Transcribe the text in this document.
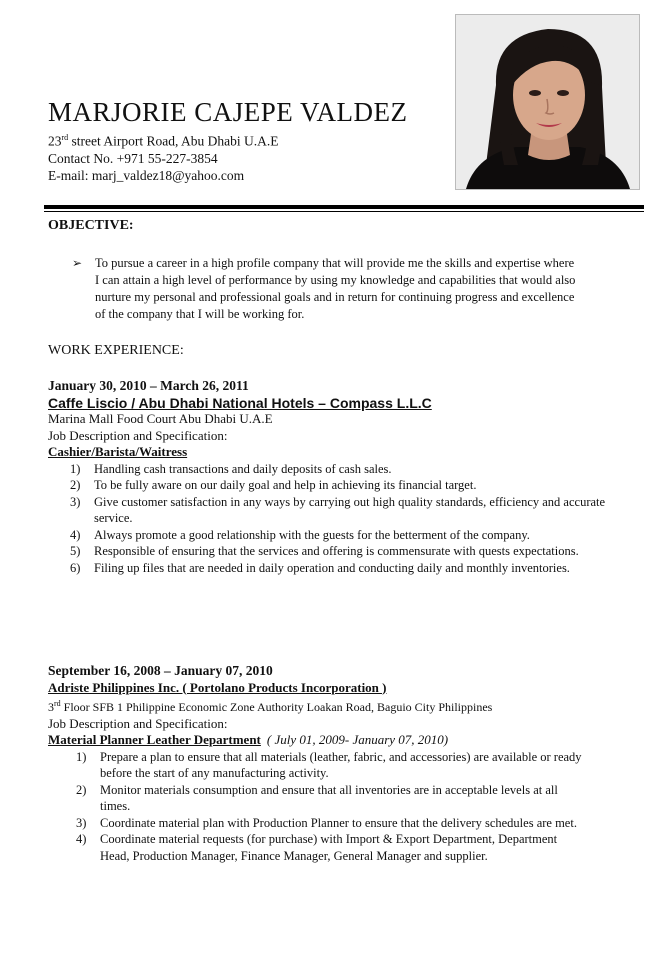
MARJORIE CAJEPE VALDEZ
23rd street Airport Road, Abu Dhabi U.A.E
Contact No. +971 55-227-3854
E-mail: marj_valdez18@yahoo.com
OBJECTIVE:
➢ To pursue a career in a high profile company that will provide me the skills and expertise where I can attain a high level of performance by using my knowledge and capabilities that would also nurture my personal and professional goals and in return for continuing progress and excellence of the company that I will be working for.
WORK EXPERIENCE:
January 30, 2010 – March 26, 2011
Caffe Liscio / Abu Dhabi National Hotels – Compass L.L.C
Marina Mall Food Court Abu Dhabi U.A.E
Job Description and Specification:
Cashier/Barista/Waitress
1) Handling cash transactions and daily deposits of cash sales.
2) To be fully aware on our daily goal and help in achieving its financial target.
3) Give customer satisfaction in any ways by carrying out high quality standards, efficiency and accurate service.
4) Always promote a good relationship with the guests for the betterment of the company.
5) Responsible of ensuring that the services and offering is commensurate with quests expectations.
6) Filing up files that are needed in daily operation and conducting daily and monthly inventories.
September 16, 2008 – January 07, 2010
Adriste Philippines Inc. ( Portolano Products Incorporation )
3rd Floor SFB 1 Philippine Economic Zone Authority Loakan Road, Baguio City Philippines
Job Description and Specification:
Material Planner Leather Department ( July 01, 2009- January 07, 2010)
1) Prepare a plan to ensure that all materials (leather, fabric, and accessories) are available or ready before the start of any manufacturing activity.
2) Monitor materials consumption and ensure that all inventories are in acceptable levels at all times.
3) Coordinate material plan with Production Planner to ensure that the delivery schedules are met.
4) Coordinate material requests (for purchase) with Import & Export Department, Department Head, Production Manager, Finance Manager, General Manager and supplier.
